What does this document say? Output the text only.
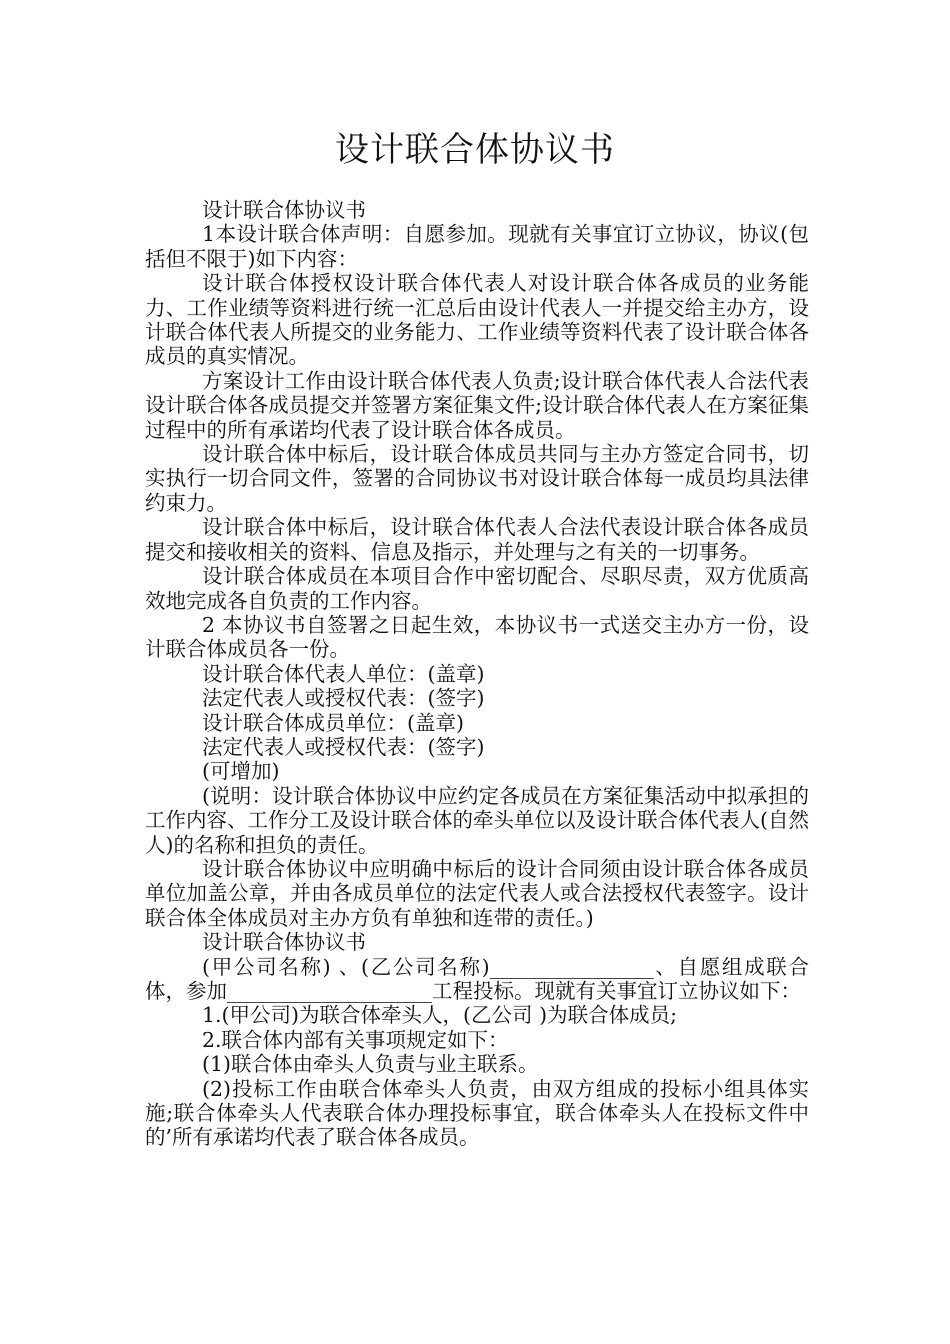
设计联合体协议书

设计联合体协议书

1本设计联合体声明：自愿参加。现就有关事宜订立协议，协议(包括但不限于)如下内容：

设计联合体授权设计联合体代表人对设计联合体各成员的业务能力、工作业绩等资料进行统一汇总后由设计代表人一并提交给主办方，设计联合体代表人所提交的业务能力、工作业绩等资料代表了设计联合体各成员的真实情况。

方案设计工作由设计联合体代表人负责;设计联合体代表人合法代表设计联合体各成员提交并签署方案征集文件;设计联合体代表人在方案征集过程中的所有承诺均代表了设计联合体各成员。

设计联合体中标后，设计联合体成员共同与主办方签定合同书，切实执行一切合同文件，签署的合同协议书对设计联合体每一成员均具法律约束力。

设计联合体中标后，设计联合体代表人合法代表设计联合体各成员提交和接收相关的资料、信息及指示，并处理与之有关的一切事务。

设计联合体成员在本项目合作中密切配合、尽职尽责，双方优质高效地完成各自负责的工作内容。

2 本协议书自签署之日起生效，本协议书一式送交主办方一份，设计联合体成员各一份。

设计联合体代表人单位：(盖章)

法定代表人或授权代表：(签字)

设计联合体成员单位：(盖章)

法定代表人或授权代表：(签字)

(可增加)

(说明：设计联合体协议中应约定各成员在方案征集活动中拟承担的工作内容、工作分工及设计联合体的牵头单位以及设计联合体代表人(自然人)的名称和担负的责任。

设计联合体协议中应明确中标后的设计合同须由设计联合体各成员单位加盖公章，并由各成员单位的法定代表人或合法授权代表签字。设计联合体全体成员对主办方负有单独和连带的责任。)

设计联合体协议书

(甲公司名称) 、(乙公司名称)________________、自愿组成联合体，参加____________________工程投标。现就有关事宜订立协议如下：

1.(甲公司)为联合体牵头人，(乙公司 )为联合体成员;

2.联合体内部有关事项规定如下：

(1)联合体由牵头人负责与业主联系。

(2)投标工作由联合体牵头人负责，由双方组成的投标小组具体实施;联合体牵头人代表联合体办理投标事宜，联合体牵头人在投标文件中的’所有承诺均代表了联合体各成员。
